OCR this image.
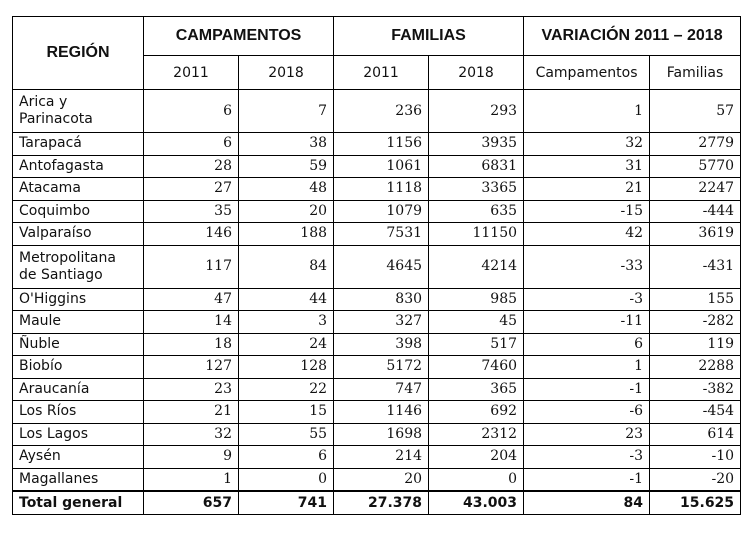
REGIÓN	CAMPAMENTOS		FAMILIAS		VARIACIÓN 2011 – 2018	
	2011	2018	2011	2018	Campamentos	Familias
Arica y Parinacota	6	7	236	293	1	57
Tarapacá	6	38	1156	3935	32	2779
Antofagasta	28	59	1061	6831	31	5770
Atacama	27	48	1118	3365	21	2247
Coquimbo	35	20	1079	635	-15	-444
Valparaíso	146	188	7531	11150	42	3619
Metropolitana de Santiago	117	84	4645	4214	-33	-431
O'Higgins	47	44	830	985	-3	155
Maule	14	3	327	45	-11	-282
Ñuble	18	24	398	517	6	119
Biobío	127	128	5172	7460	1	2288
Araucanía	23	22	747	365	-1	-382
Los Ríos	21	15	1146	692	-6	-454
Los Lagos	32	55	1698	2312	23	614
Aysén	9	6	214	204	-3	-10
Magallanes	1	0	20	0	-1	-20
Total general	657	741	27.378	43.003	84	15.625
